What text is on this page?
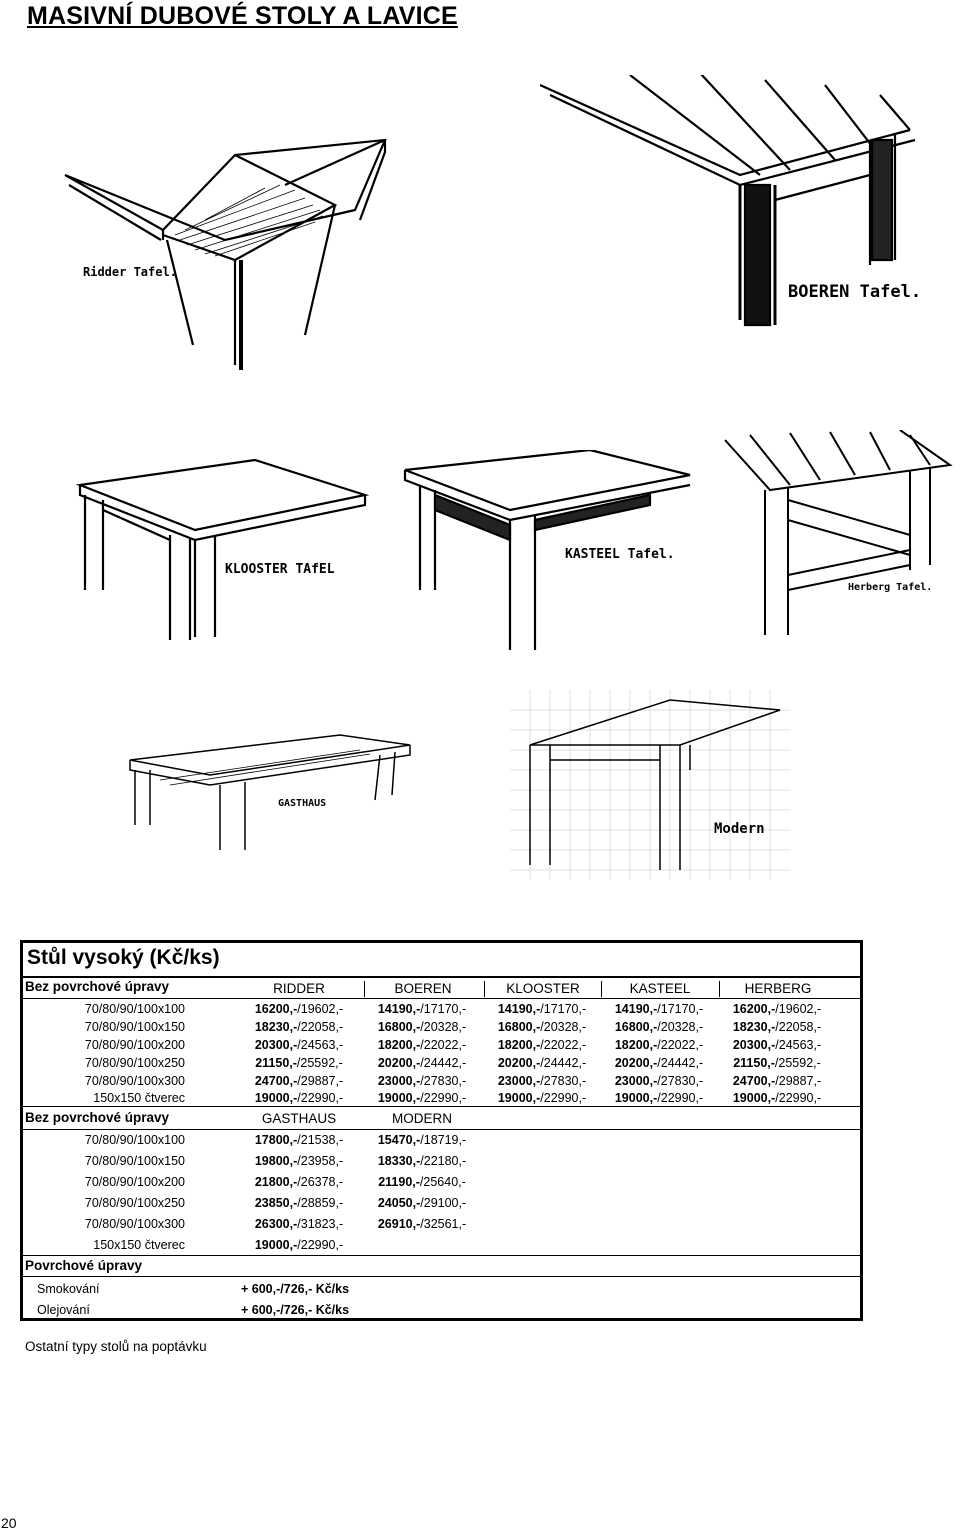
MASIVNÍ DUBOVÉ STOLY A LAVICE
Ridder Tafel.
BOEREN Tafel.
KLOOSTER TAfEL
KASTEEL Tafel.
Herberg Tafel.
GASTHAUS
Modern
Stůl vysoký (Kč/ks)
Bez povrchové úpravy	RIDDER	BOEREN	KLOOSTER	KASTEEL	HERBERG
70/80/90/100x100	16200,-/19602,-	14190,-/17170,-	14190,-/17170,-	14190,-/17170,-	16200,-/19602,-
70/80/90/100x150	18230,-/22058,-	16800,-/20328,-	16800,-/20328,-	16800,-/20328,-	18230,-/22058,-
70/80/90/100x200	20300,-/24563,-	18200,-/22022,-	18200,-/22022,-	18200,-/22022,-	20300,-/24563,-
70/80/90/100x250	21150,-/25592,-	20200,-/24442,-	20200,-/24442,-	20200,-/24442,-	21150,-/25592,-
70/80/90/100x300	24700,-/29887,-	23000,-/27830,-	23000,-/27830,-	23000,-/27830,-	24700,-/29887,-
150x150 čtverec	19000,-/22990,-	19000,-/22990,-	19000,-/22990,-	19000,-/22990,-	19000,-/22990,-
Bez povrchové úpravy	GASTHAUS	MODERN
70/80/90/100x100	17800,-/21538,-	15470,-/18719,-
70/80/90/100x150	19800,-/23958,-	18330,-/22180,-
70/80/90/100x200	21800,-/26378,-	21190,-/25640,-
70/80/90/100x250	23850,-/28859,-	24050,-/29100,-
70/80/90/100x300	26300,-/31823,-	26910,-/32561,-
150x150 čtverec	19000,-/22990,-
Povrchové úpravy
Smokování	+ 600,-/726,- Kč/ks
Olejování	+ 600,-/726,- Kč/ks
Ostatní typy stolů na poptávku
20
